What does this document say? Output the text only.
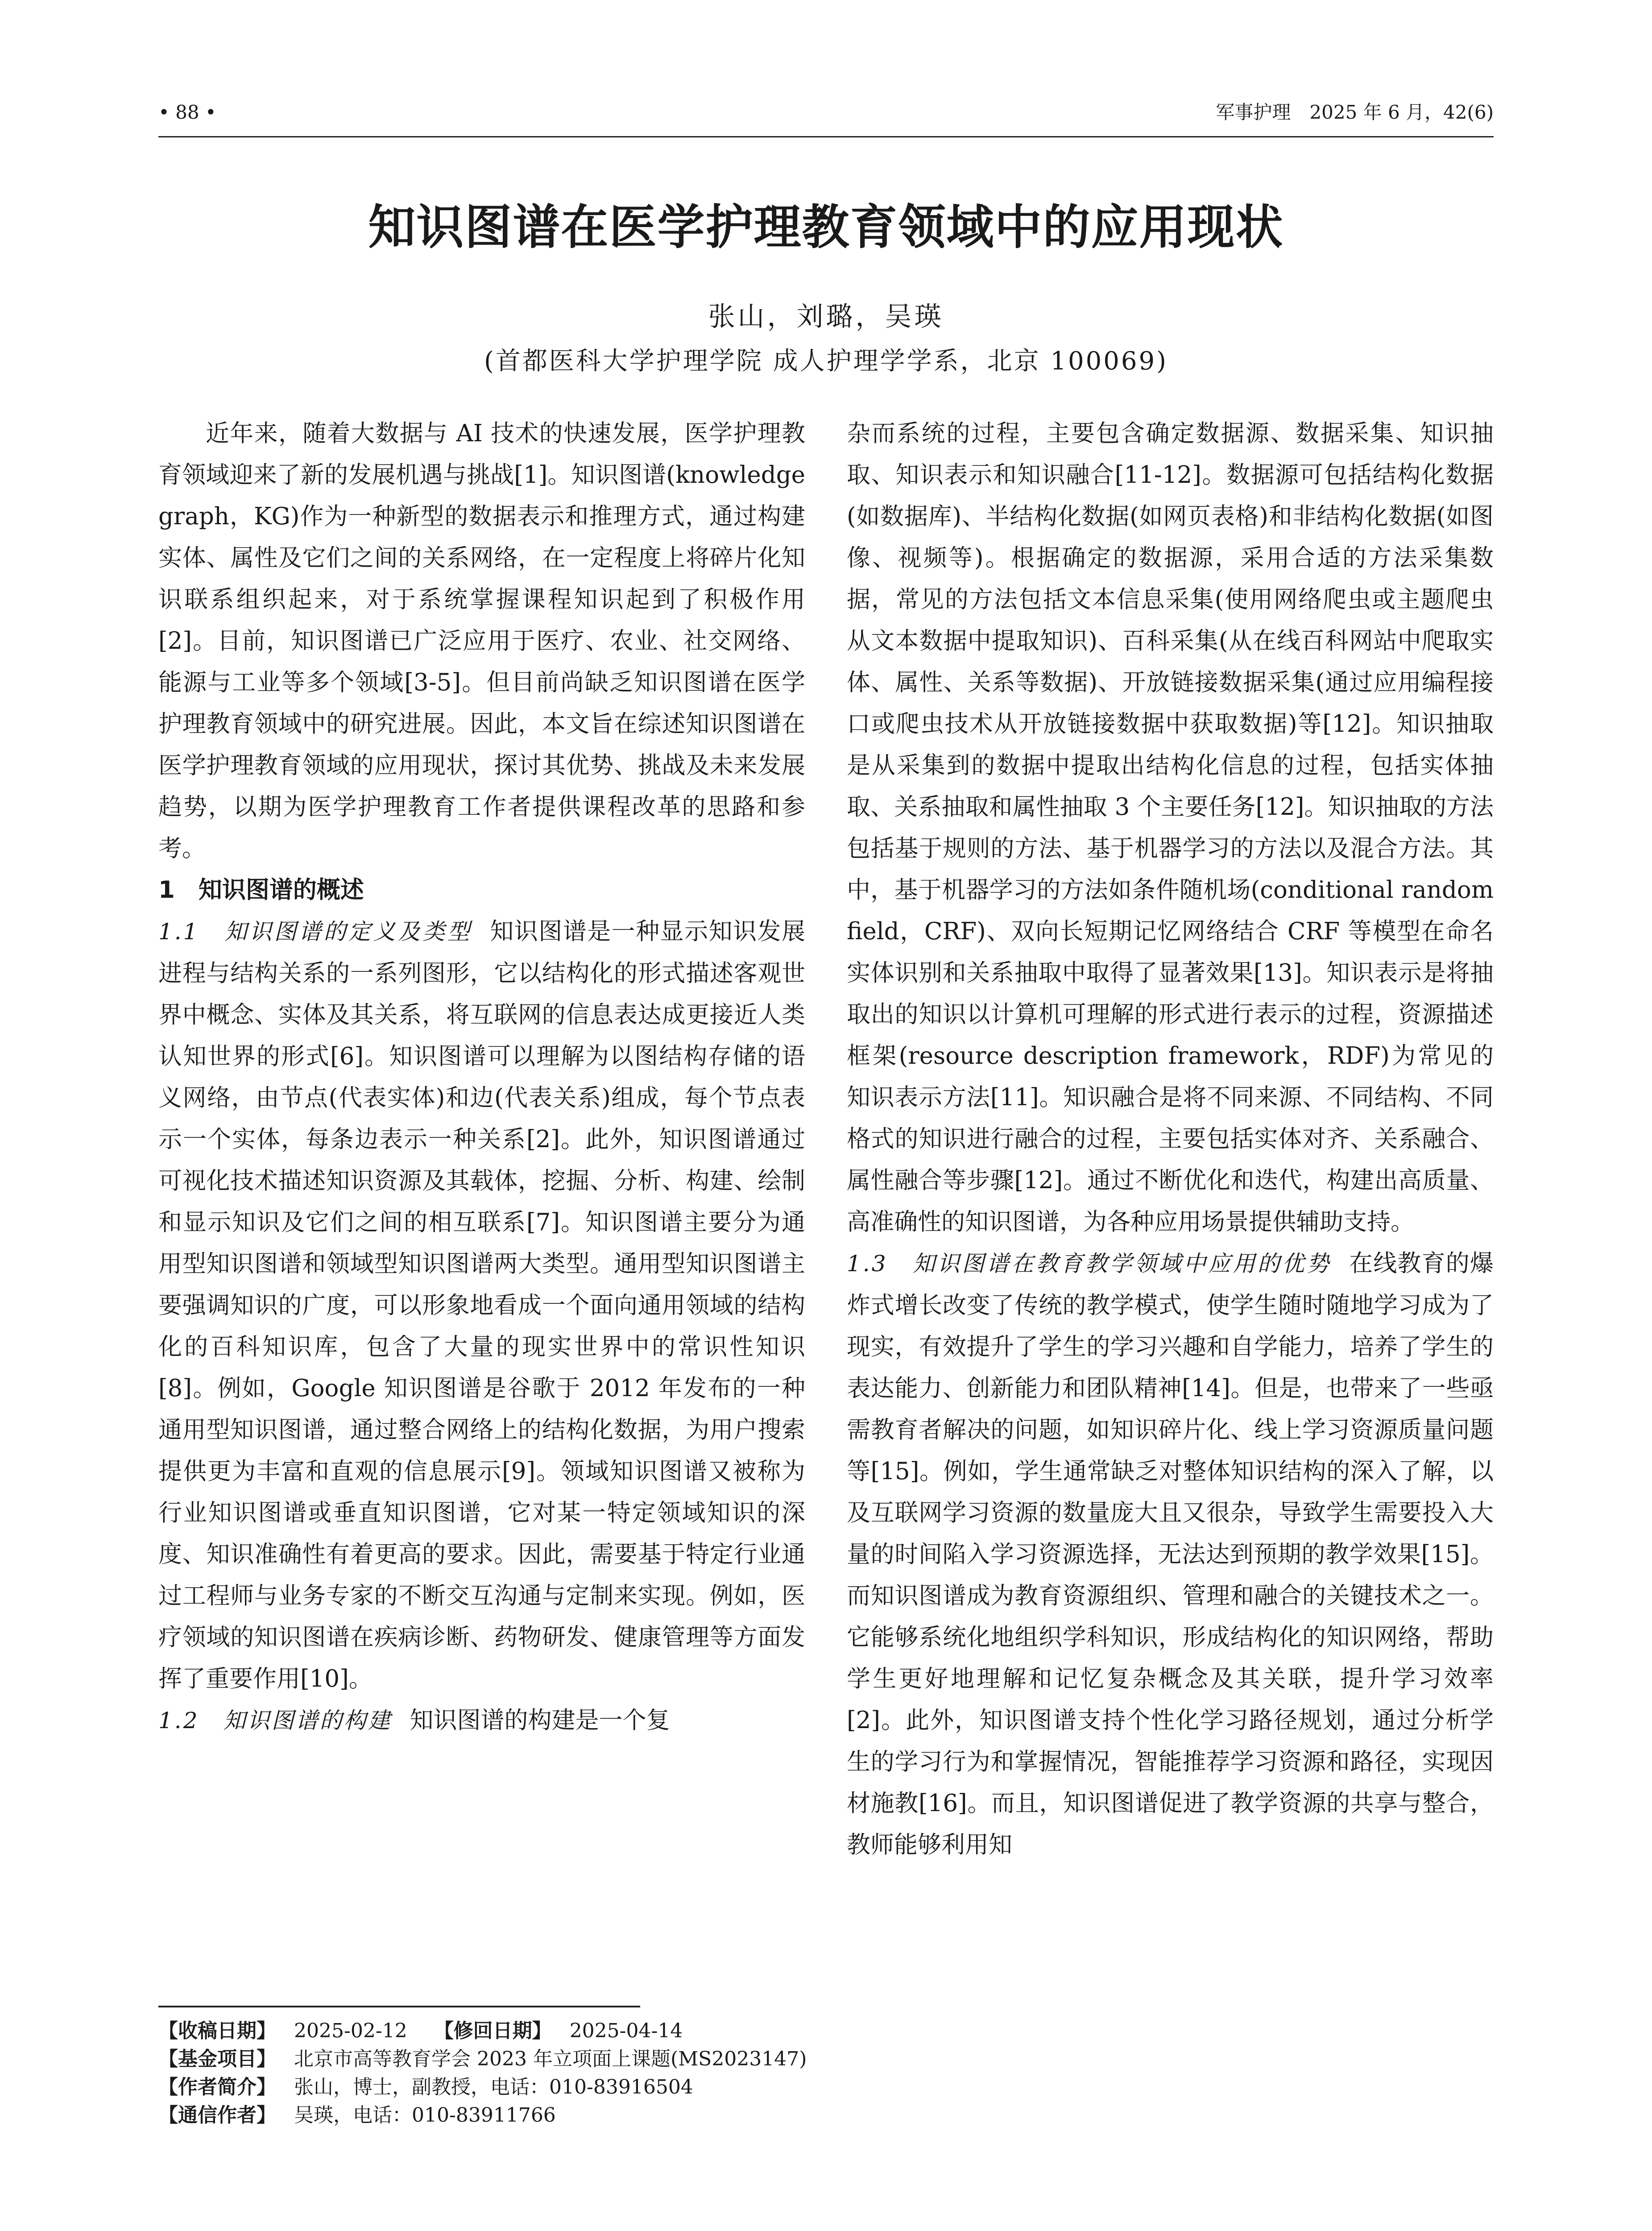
• 88 •	军事护理　2025 年 6 月，42(6)
知识图谱在医学护理教育领域中的应用现状
张山，刘璐，吴瑛
(首都医科大学护理学院 成人护理学学系，北京 100069)

近年来，随着大数据与 AI 技术的快速发展，医学护理教育领域迎来了新的发展机遇与挑战[1]。知识图谱(knowledge graph，KG)作为一种新型的数据表示和推理方式，通过构建实体、属性及它们之间的关系网络，在一定程度上将碎片化知识联系组织起来，对于系统掌握课程知识起到了积极作用[2]。目前，知识图谱已广泛应用于医疗、农业、社交网络、能源与工业等多个领域[3-5]。但目前尚缺乏知识图谱在医学护理教育领域中的研究进展。因此，本文旨在综述知识图谱在医学护理教育领域的应用现状，探讨其优势、挑战及未来发展趋势，以期为医学护理教育工作者提供课程改革的思路和参考。

1　知识图谱的概述

1.1　知识图谱的定义及类型 知识图谱是一种显示知识发展进程与结构关系的一系列图形，它以结构化的形式描述客观世界中概念、实体及其关系，将互联网的信息表达成更接近人类认知世界的形式[6]。知识图谱可以理解为以图结构存储的语义网络，由节点(代表实体)和边(代表关系)组成，每个节点表示一个实体，每条边表示一种关系[2]。此外，知识图谱通过可视化技术描述知识资源及其载体，挖掘、分析、构建、绘制和显示知识及它们之间的相互联系[7]。知识图谱主要分为通用型知识图谱和领域型知识图谱两大类型。通用型知识图谱主要强调知识的广度，可以形象地看成一个面向通用领域的结构化的百科知识库，包含了大量的现实世界中的常识性知识[8]。例如，Google 知识图谱是谷歌于 2012 年发布的一种通用型知识图谱，通过整合网络上的结构化数据，为用户搜索提供更为丰富和直观的信息展示[9]。领域知识图谱又被称为行业知识图谱或垂直知识图谱，它对某一特定领域知识的深度、知识准确性有着更高的要求。因此，需要基于特定行业通过工程师与业务专家的不断交互沟通与定制来实现。例如，医疗领域的知识图谱在疾病诊断、药物研发、健康管理等方面发挥了重要作用[10]。

1.2　知识图谱的构建 知识图谱的构建是一个复

杂而系统的过程，主要包含确定数据源、数据采集、知识抽取、知识表示和知识融合[11-12]。数据源可包括结构化数据(如数据库)、半结构化数据(如网页表格)和非结构化数据(如图像、视频等)。根据确定的数据源，采用合适的方法采集数据，常见的方法包括文本信息采集(使用网络爬虫或主题爬虫从文本数据中提取知识)、百科采集(从在线百科网站中爬取实体、属性、关系等数据)、开放链接数据采集(通过应用编程接口或爬虫技术从开放链接数据中获取数据)等[12]。知识抽取是从采集到的数据中提取出结构化信息的过程，包括实体抽取、关系抽取和属性抽取 3 个主要任务[12]。知识抽取的方法包括基于规则的方法、基于机器学习的方法以及混合方法。其中，基于机器学习的方法如条件随机场(conditional random field，CRF)、双向长短期记忆网络结合 CRF 等模型在命名实体识别和关系抽取中取得了显著效果[13]。知识表示是将抽取出的知识以计算机可理解的形式进行表示的过程，资源描述框架(resource description framework，RDF)为常见的知识表示方法[11]。知识融合是将不同来源、不同结构、不同格式的知识进行融合的过程，主要包括实体对齐、关系融合、属性融合等步骤[12]。通过不断优化和迭代，构建出高质量、高准确性的知识图谱，为各种应用场景提供辅助支持。

1.3　知识图谱在教育教学领域中应用的优势 在线教育的爆炸式增长改变了传统的教学模式，使学生随时随地学习成为了现实，有效提升了学生的学习兴趣和自学能力，培养了学生的表达能力、创新能力和团队精神[14]。但是，也带来了一些亟需教育者解决的问题，如知识碎片化、线上学习资源质量问题等[15]。例如，学生通常缺乏对整体知识结构的深入了解，以及互联网学习资源的数量庞大且又很杂，导致学生需要投入大量的时间陷入学习资源选择，无法达到预期的教学效果[15]。而知识图谱成为教育资源组织、管理和融合的关键技术之一。它能够系统化地组织学科知识，形成结构化的知识网络，帮助学生更好地理解和记忆复杂概念及其关联，提升学习效率[2]。此外，知识图谱支持个性化学习路径规划，通过分析学生的学习行为和掌握情况，智能推荐学习资源和路径，实现因材施教[16]。而且，知识图谱促进了教学资源的共享与整合，教师能够利用知

【收稿日期】 2025-02-12 【修回日期】 2025-04-14
【基金项目】 北京市高等教育学会 2023 年立项面上课题(MS2023147)
【作者简介】 张山，博士，副教授，电话：010-83916504
【通信作者】 吴瑛，电话：010-83911766
